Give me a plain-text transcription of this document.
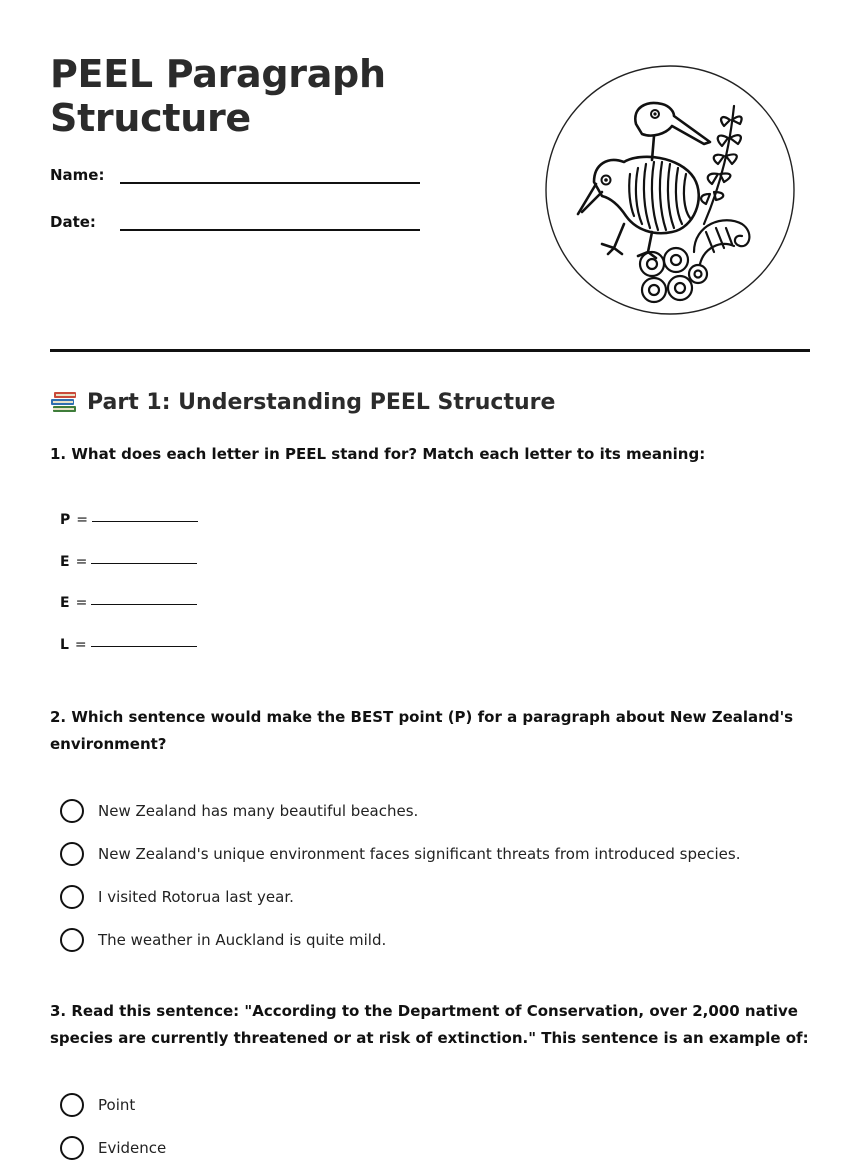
PEEL Paragraph
Structure
Name:
Date:
Part 1: Understanding PEEL Structure
1. What does each letter in PEEL stand for? Match each letter to its meaning:
P =
E =
E =
L =
2. Which sentence would make the BEST point (P) for a paragraph about New Zealand's environment?
New Zealand has many beautiful beaches.
New Zealand's unique environment faces significant threats from introduced species.
I visited Rotorua last year.
The weather in Auckland is quite mild.
3. Read this sentence: "According to the Department of Conservation, over 2,000 native species are currently threatened or at risk of extinction." This sentence is an example of:
Point
Evidence
